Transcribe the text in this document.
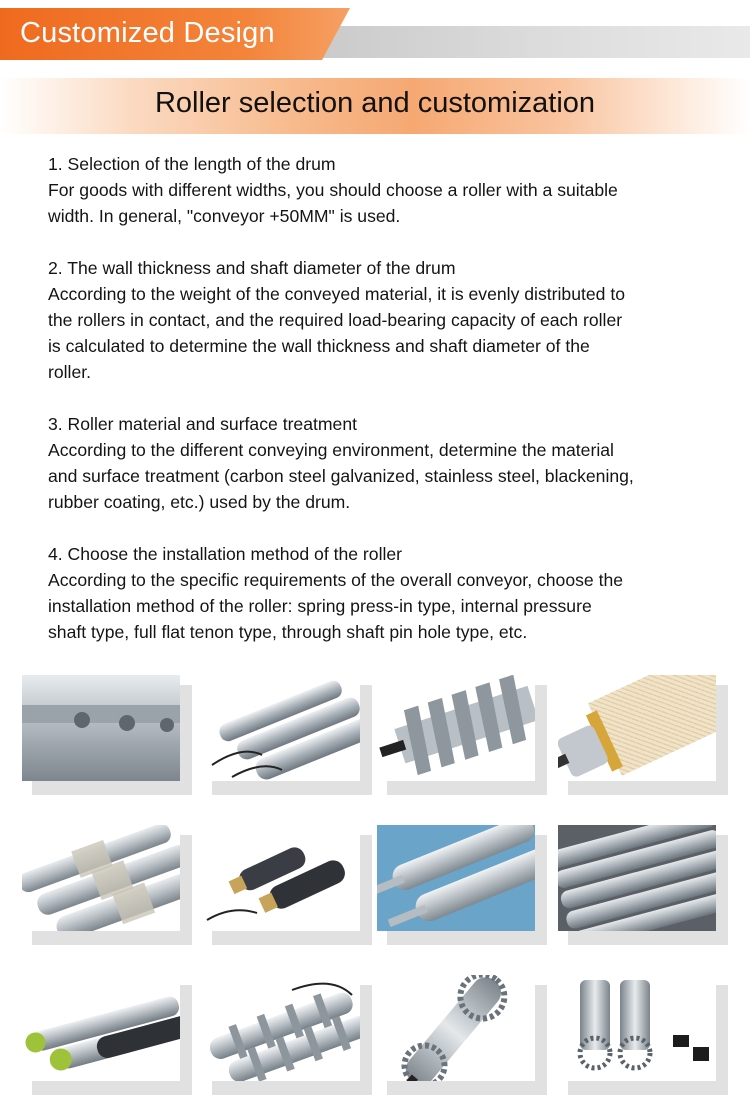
Customized Design
Roller selection and customization

1. Selection of the length of the drum

For goods with different widths, you should choose a roller with a suitable

width. In general, "conveyor +50MM" is used.

2. The wall thickness and shaft diameter of the drum

According to the weight of the conveyed material, it is evenly distributed to

the rollers in contact, and the required load-bearing capacity of each roller

is calculated to determine the wall thickness and shaft diameter of the

roller.

3. Roller material and surface treatment

According to the different conveying environment, determine the material

and surface treatment (carbon steel galvanized, stainless steel, blackening,

rubber coating, etc.) used by the drum.

4. Choose the installation method of the roller

According to the specific requirements of the overall conveyor, choose the

installation method of the roller: spring press-in type, internal pressure

shaft type, full flat tenon type, through shaft pin hole type, etc.
